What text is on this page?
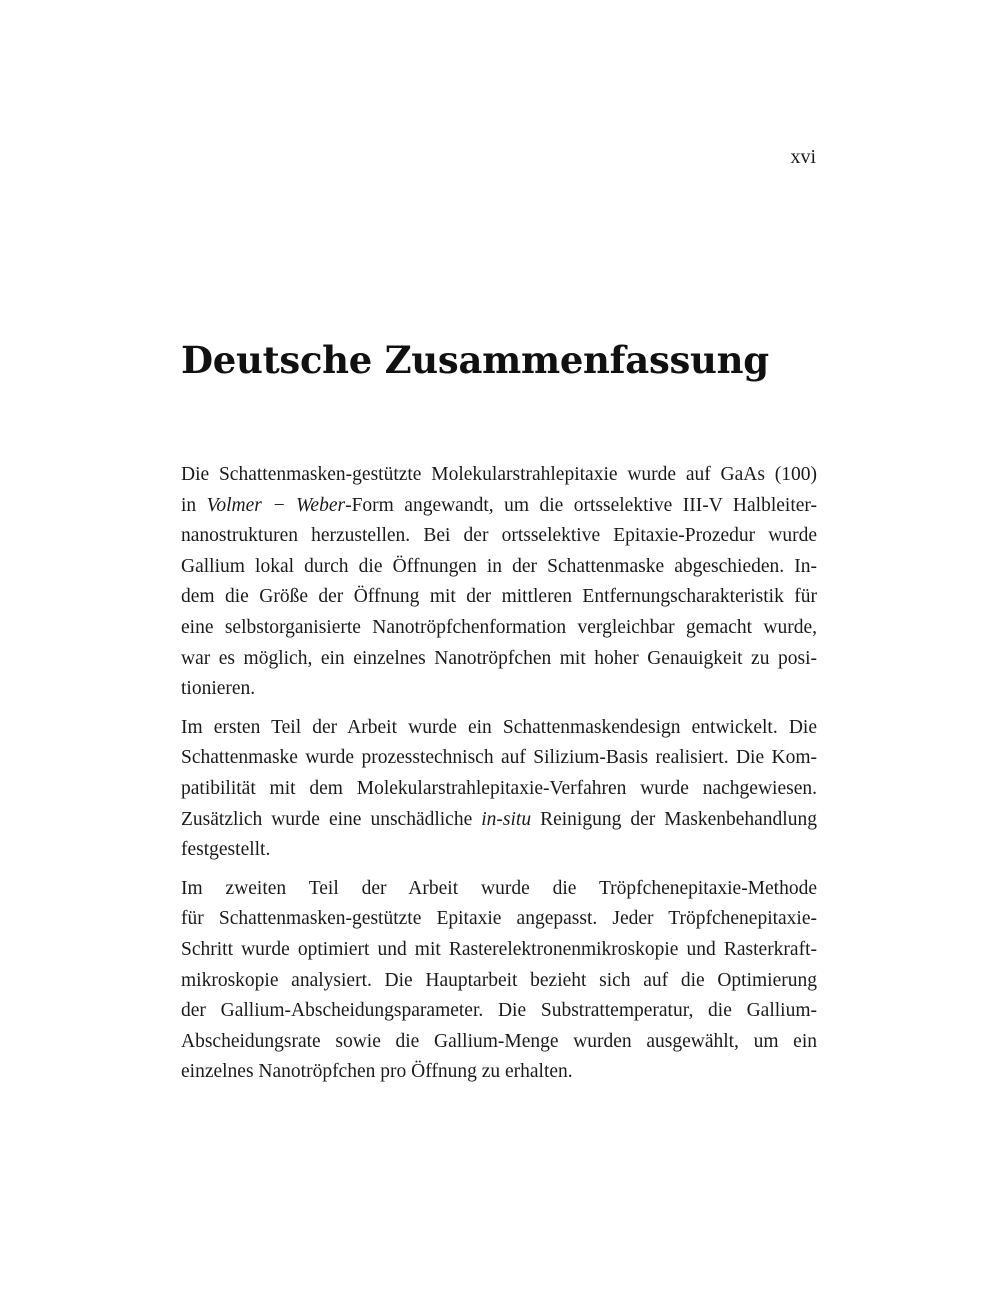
xvi
Deutsche Zusammenfassung

Die Schattenmasken-gestützte Molekularstrahlepitaxie wurde auf GaAs (100)
in Volmer − Weber-Form angewandt, um die ortsselektive III-V Halbleiter-
nanostrukturen herzustellen. Bei der ortsselektive Epitaxie-Prozedur wurde
Gallium lokal durch die Öffnungen in der Schattenmaske abgeschieden. In-
dem die Größe der Öffnung mit der mittleren Entfernungscharakteristik für
eine selbstorganisierte Nanotröpfchenformation vergleichbar gemacht wurde,
war es möglich, ein einzelnes Nanotröpfchen mit hoher Genauigkeit zu posi-
tionieren.

Im ersten Teil der Arbeit wurde ein Schattenmaskendesign entwickelt. Die
Schattenmaske wurde prozesstechnisch auf Silizium-Basis realisiert. Die Kom-
patibilität mit dem Molekularstrahlepitaxie-Verfahren wurde nachgewiesen.
Zusätzlich wurde eine unschädliche in-situ Reinigung der Maskenbehandlung
festgestellt.

Im zweiten Teil der Arbeit wurde die Tröpfchenepitaxie-Methode
für Schattenmasken-gestützte Epitaxie angepasst. Jeder Tröpfchenepitaxie-
Schritt wurde optimiert und mit Rasterelektronenmikroskopie und Rasterkraft-
mikroskopie analysiert. Die Hauptarbeit bezieht sich auf die Optimierung
der Gallium-Abscheidungsparameter. Die Substrattemperatur, die Gallium-
Abscheidungsrate sowie die Gallium-Menge wurden ausgewählt, um ein
einzelnes Nanotröpfchen pro Öffnung zu erhalten.
